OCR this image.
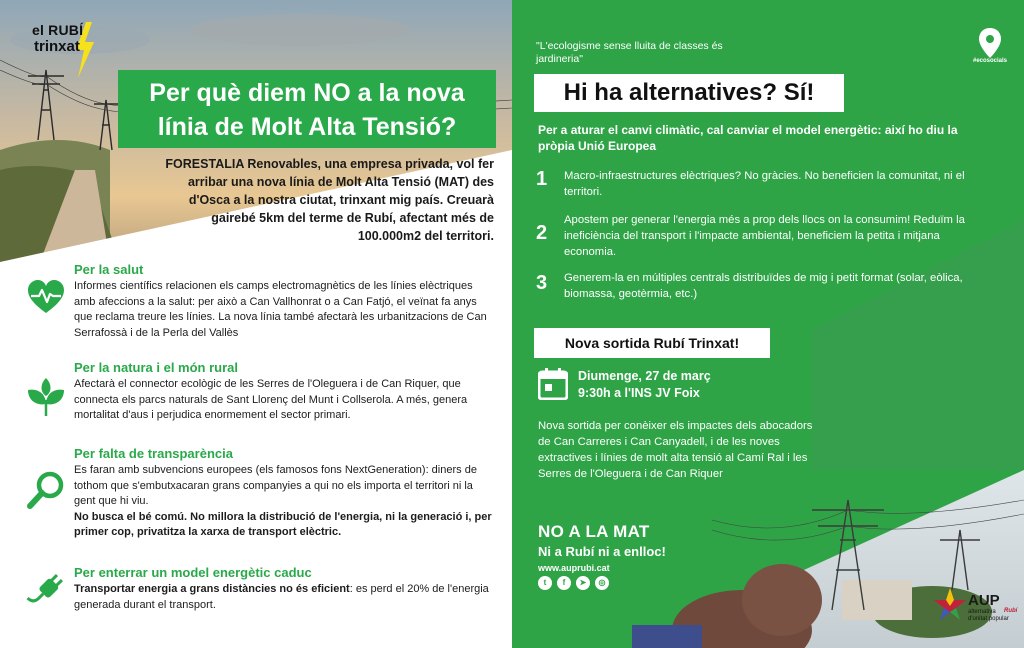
el RUBÍ
trinxat
Per què diem NO a la nova línia de Molt Alta Tensió?
FORESTALIA Renovables, una empresa privada, vol fer arribar una nova línia de Molt Alta Tensió (MAT) des d'Osca a la nostra ciutat, trinxant mig país. Creuarà gairebé 5km del terme de Rubí, afectant més de 100.000m2 del territori.
Per la salut
Informes científics relacionen els camps electromagnètics de les línies elèctriques amb afeccions a la salut: per això a Can Vallhonrat o a Can Fatjó, el veïnat fa anys que reclama treure les línies. La nova línia també afectarà les urbanitzacions de Can Serrafossà i de la Perla del Vallès
Per la natura i el món rural
Afectarà el connector ecològic de les Serres de l'Oleguera i de Can Riquer, que connecta els parcs naturals de Sant Llorenç del Munt i Collserola. A més, genera mortalitat d'aus i perjudica enormement el sector primari.
Per falta de transparència
Es faran amb subvencions europees (els famosos fons NextGeneration): diners de tothom que s'embutxacaran grans companyies a qui no els importa el territori ni la gent que hi viu.
No busca el bé comú. No millora la distribució de l'energia, ni la generació i, per primer cop, privatitza la xarxa de transport elèctric.
Per enterrar un model energètic caduc
Transportar energia a grans distàncies no és eficient: es perd el 20% de l'energia generada durant el transport.
"L'ecologisme sense lluita de classes és jardineria"	#ecosocials
Hi ha alternatives? Sí!
Per a aturar el canvi climàtic, cal canviar el model energètic: així ho diu la pròpia Unió Europea
1 Macro-infraestructures elèctriques? No gràcies. No beneficien la comunitat, ni el territori.
2
Apostem per generar l'energia més a prop dels llocs on la consumim! Reduïm la ineficiència del transport i l'impacte ambiental, beneficiem la petita i mitjana economia.
3 Generem-la en múltiples centrals distribuïdes de mig i petit format (solar, eòlica, biomassa, geotèrmia, etc.)
Nova sortida Rubí Trinxat!
Diumenge, 27 de març
9:30h a l'INS JV Foix
Nova sortida per conèixer els impactes dels abocadors de Can Carreres i Can Canyadell, i de les noves extractives i línies de molt alta tensió al Camí Ral i les Serres de l'Oleguera i de Can Riquer
NO A LA MAT
Ni a Rubí ni a enlloc!
www.auprubi.cat
t	f	➤	◎
AUP
alternativa d'unitat popular
Rubí
